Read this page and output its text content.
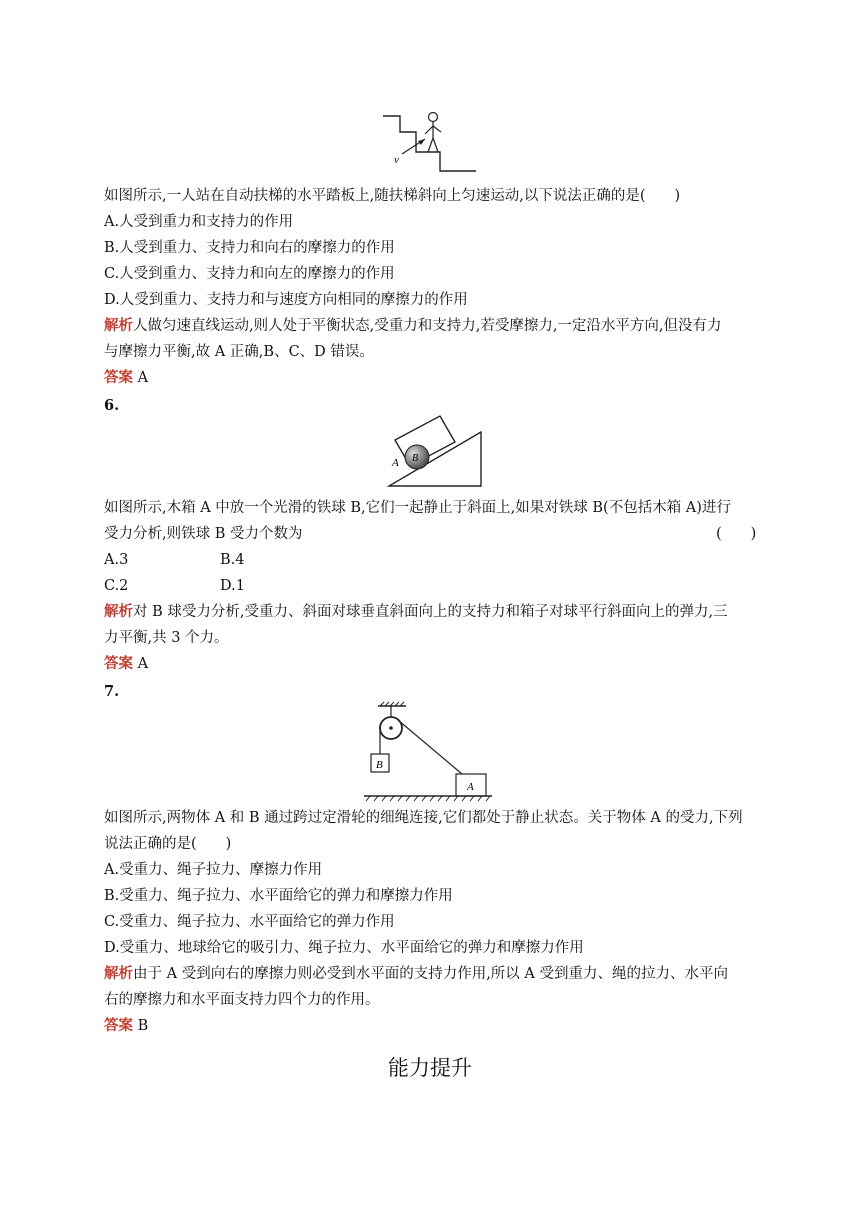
v
如图所示,一人站在自动扶梯的水平踏板上,随扶梯斜向上匀速运动,以下说法正确的是(　　)
A.人受到重力和支持力的作用
B.人受到重力、支持力和向右的摩擦力的作用
C.人受到重力、支持力和向左的摩擦力的作用
D.人受到重力、支持力和与速度方向相同的摩擦力的作用
解析人做匀速直线运动,则人处于平衡状态,受重力和支持力,若受摩擦力,一定沿水平方向,但没有力
与摩擦力平衡,故 A 正确,B、C、D 错误。
答案 A
6.
A B
如图所示,木箱 A 中放一个光滑的铁球 B,它们一起静止于斜面上,如果对铁球 B(不包括木箱 A)进行
受力分析,则铁球 B 受力个数为	(　　)
A.3	B.4
C.2	D.1
解析对 B 球受力分析,受重力、斜面对球垂直斜面向上的支持力和箱子对球平行斜面向上的弹力,三
力平衡,共 3 个力。
答案 A
7.
B
A
如图所示,两物体 A 和 B 通过跨过定滑轮的细绳连接,它们都处于静止状态。关于物体 A 的受力,下列
说法正确的是(　　)
A.受重力、绳子拉力、摩擦力作用
B.受重力、绳子拉力、水平面给它的弹力和摩擦力作用
C.受重力、绳子拉力、水平面给它的弹力作用
D.受重力、地球给它的吸引力、绳子拉力、水平面给它的弹力和摩擦力作用
解析由于 A 受到向右的摩擦力则必受到水平面的支持力作用,所以 A 受到重力、绳的拉力、水平向
右的摩擦力和水平面支持力四个力的作用。
答案 B
能力提升
